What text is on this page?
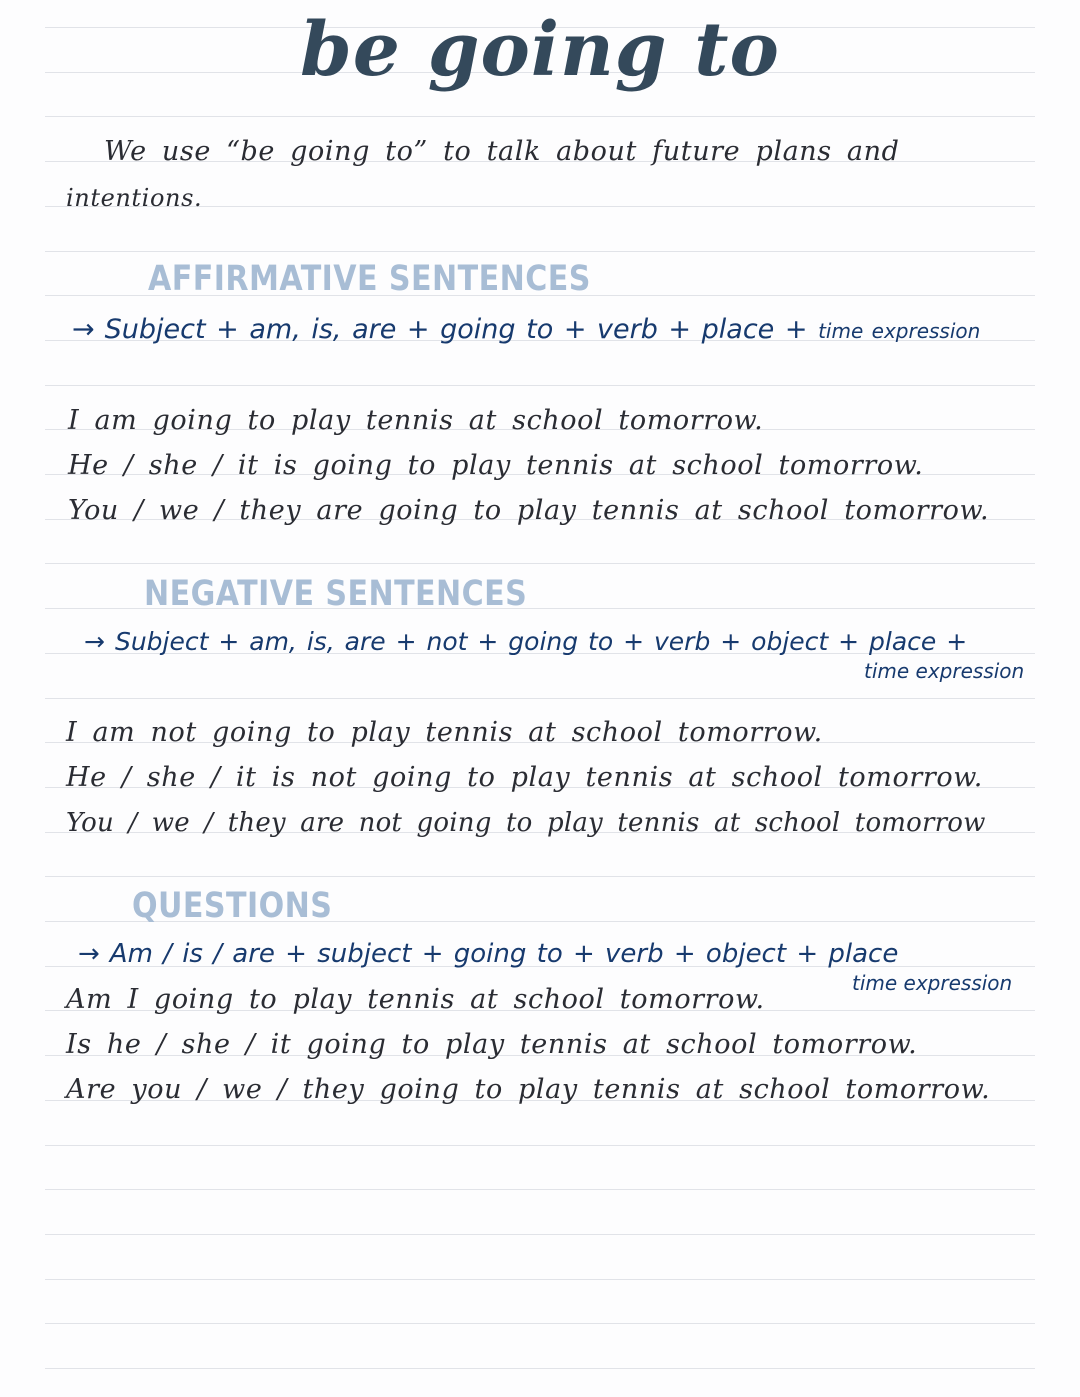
be going to
We use “be going to” to talk about future plans and
intentions.
AFFIRMATIVE SENTENCES
→ Subject + am, is, are + going to + verb + place + time expression
I am going to play tennis at school tomorrow.
He / she / it is going to play tennis at school tomorrow.
You / we / they are going to play tennis at school tomorrow.
NEGATIVE SENTENCES
→ Subject + am, is, are + not + going to + verb + object + place +
time expression
I am not going to play tennis at school tomorrow.
He / she / it is not going to play tennis at school tomorrow.
You / we / they are not going to play tennis at school tomorrow
QUESTIONS
→ Am / is / are + subject + going to + verb + object + place
time expression
Am I going to play tennis at school tomorrow.
Is he / she / it going to play tennis at school tomorrow.
Are you / we / they going to play tennis at school tomorrow.
